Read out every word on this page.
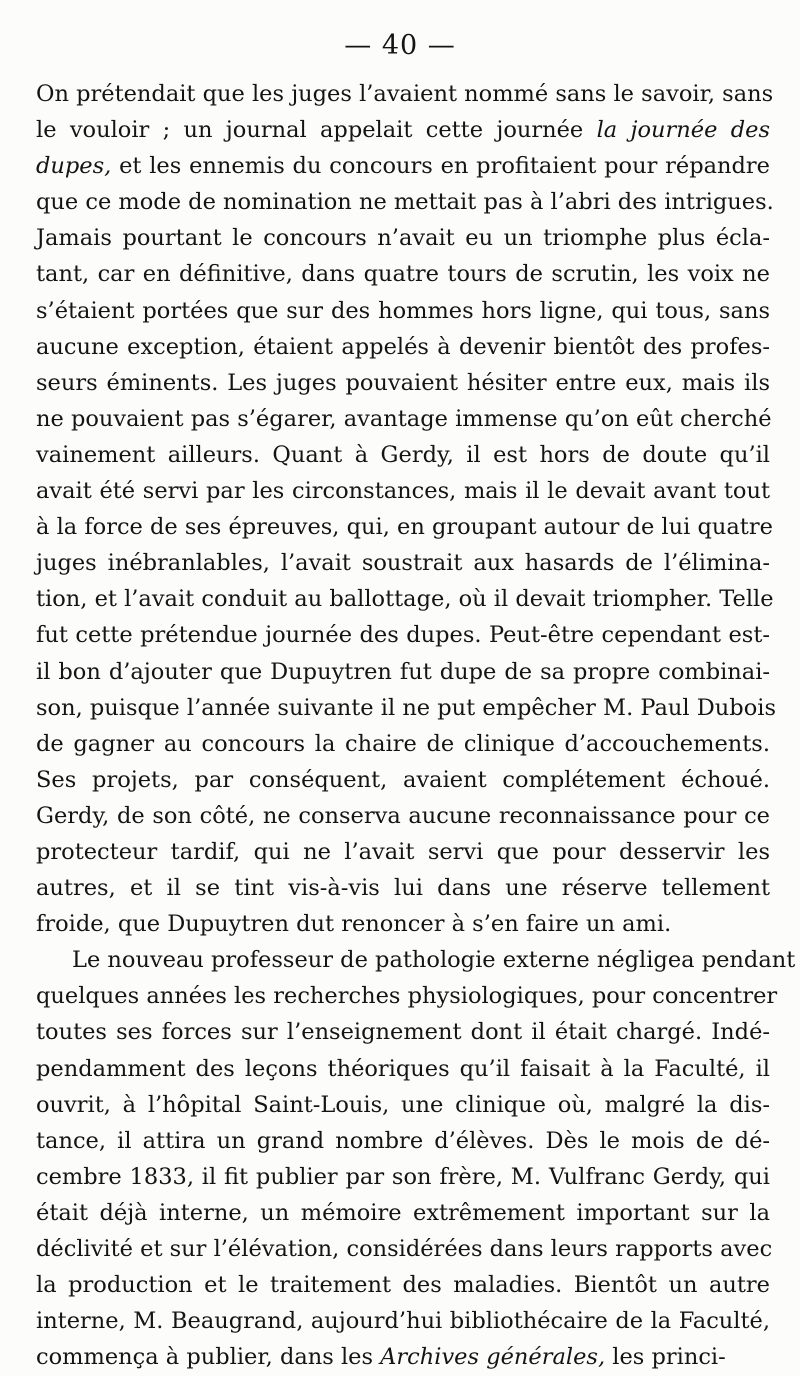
— 40 —
On prétendait que les juges l’avaient nommé sans le savoir, sans
le vouloir ; un journal appelait cette journée la journée des
dupes, et les ennemis du concours en profitaient pour répandre
que ce mode de nomination ne mettait pas à l’abri des intrigues.
Jamais pourtant le concours n’avait eu un triomphe plus écla-
tant, car en définitive, dans quatre tours de scrutin, les voix ne
s’étaient portées que sur des hommes hors ligne, qui tous, sans
aucune exception, étaient appelés à devenir bientôt des profes-
seurs éminents. Les juges pouvaient hésiter entre eux, mais ils
ne pouvaient pas s’égarer, avantage immense qu’on eût cherché
vainement ailleurs. Quant à Gerdy, il est hors de doute qu’il
avait été servi par les circonstances, mais il le devait avant tout
à la force de ses épreuves, qui, en groupant autour de lui quatre
juges inébranlables, l’avait soustrait aux hasards de l’élimina-
tion, et l’avait conduit au ballottage, où il devait triompher. Telle
fut cette prétendue journée des dupes. Peut-être cependant est-
il bon d’ajouter que Dupuytren fut dupe de sa propre combinai-
son, puisque l’année suivante il ne put empêcher M. Paul Dubois
de gagner au concours la chaire de clinique d’accouchements.
Ses projets, par conséquent, avaient complétement échoué.
Gerdy, de son côté, ne conserva aucune reconnaissance pour ce
protecteur tardif, qui ne l’avait servi que pour desservir les
autres, et il se tint vis-à-vis lui dans une réserve tellement
froide, que Dupuytren dut renoncer à s’en faire un ami.
Le nouveau professeur de pathologie externe négligea pendant
quelques années les recherches physiologiques, pour concentrer
toutes ses forces sur l’enseignement dont il était chargé. Indé-
pendamment des leçons théoriques qu’il faisait à la Faculté, il
ouvrit, à l’hôpital Saint-Louis, une clinique où, malgré la dis-
tance, il attira un grand nombre d’élèves. Dès le mois de dé-
cembre 1833, il fit publier par son frère, M. Vulfranc Gerdy, qui
était déjà interne, un mémoire extrêmement important sur la
déclivité et sur l’élévation, considérées dans leurs rapports avec
la production et le traitement des maladies. Bientôt un autre
interne, M. Beaugrand, aujourd’hui bibliothécaire de la Faculté,
commença à publier, dans les Archives générales, les princi-
